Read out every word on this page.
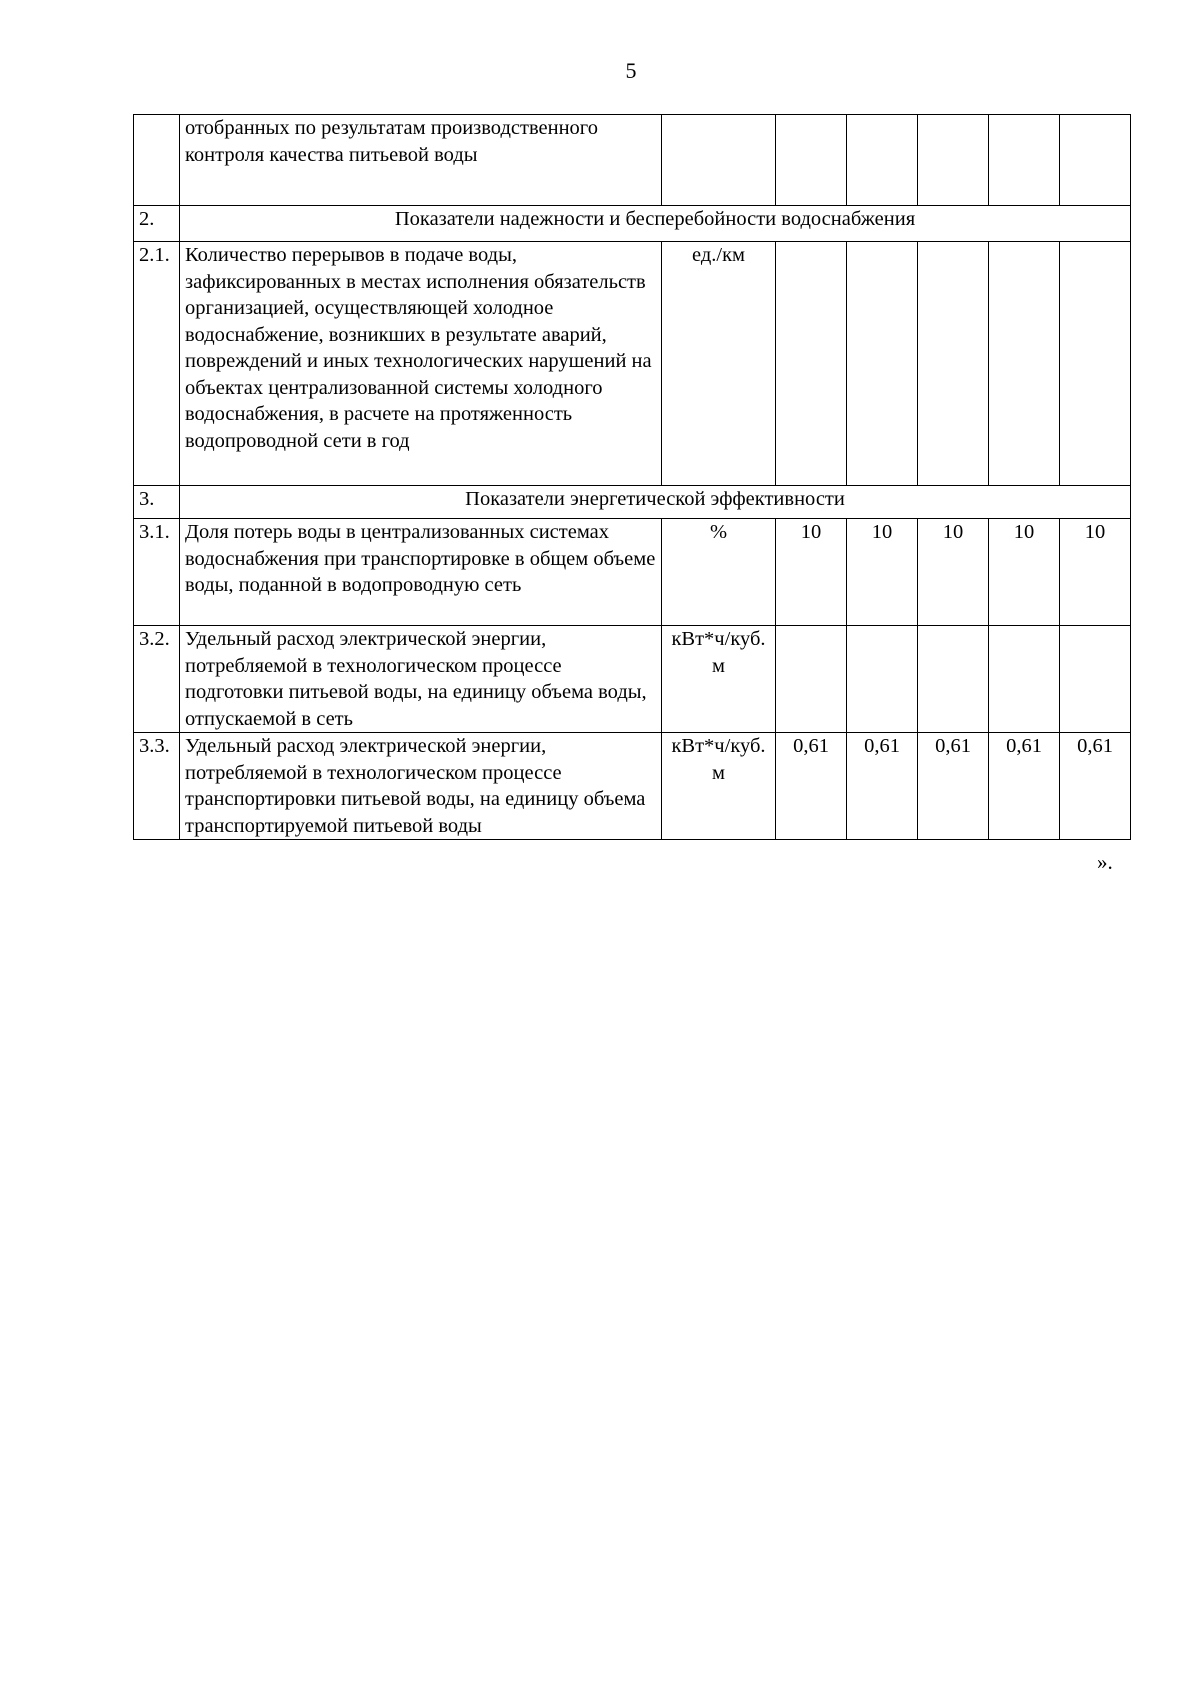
5
	отобранных по результатам производственного контроля качества питьевой воды						
2.	Показатели надежности и бесперебойности водоснабжения						
2.1.	Количество перерывов в подаче воды, зафиксированных в местах исполнения обязательств организацией, осуществляющей холодное водоснабжение, возникших в результате аварий, повреждений и иных технологических нарушений на объектах централизованной системы холодного водоснабжения, в расчете на протяженность водопроводной сети в год	ед./км					
3.	Показатели энергетической эффективности						
3.1.	Доля потерь воды в централизованных системах водоснабжения при транспортировке в общем объеме воды, поданной в водопроводную сеть	%	10	10	10	10	10
3.2.	Удельный расход электрической энергии, потребляемой в технологическом процессе подготовки питьевой воды, на единицу объема воды, отпускаемой в сеть	кВт*ч/куб. м					
3.3.	Удельный расход электрической энергии, потребляемой в технологическом процессе транспортировки питьевой воды, на единицу объема транспортируемой питьевой воды	кВт*ч/куб. м	0,61	0,61	0,61	0,61	0,61
».
